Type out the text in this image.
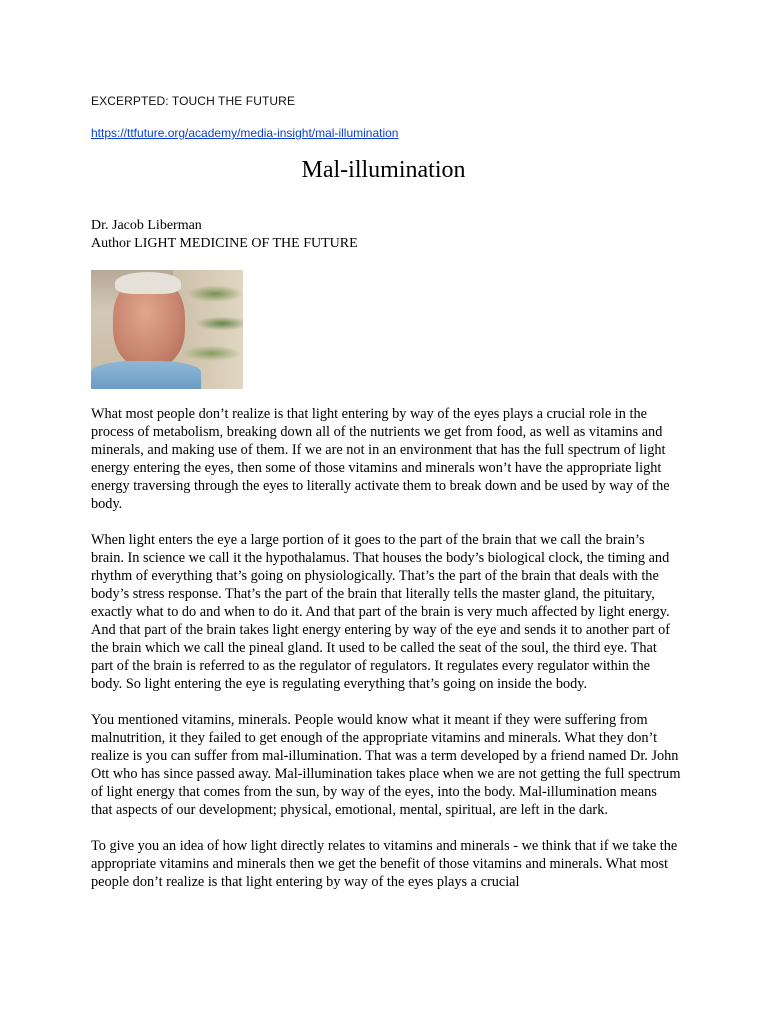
EXCERPTED: TOUCH THE FUTURE
https://ttfuture.org/academy/media-insight/mal-illumination
Mal-illumination
Dr. Jacob Liberman
Author LIGHT MEDICINE OF THE FUTURE

What most people don’t realize is that light entering by way of the eyes plays a crucial role in the process of metabolism, breaking down all of the nutrients we get from food, as well as vitamins and minerals, and making use of them. If we are not in an environment that has the full spectrum of light energy entering the eyes, then some of those vitamins and minerals won’t have the appropriate light energy traversing through the eyes to literally activate them to break down and be used by way of the body.

When light enters the eye a large portion of it goes to the part of the brain that we call the brain’s brain. In science we call it the hypothalamus. That houses the body’s biological clock, the timing and rhythm of everything that’s going on physiologically. That’s the part of the brain that deals with the body’s stress response. That’s the part of the brain that literally tells the master gland, the pituitary, exactly what to do and when to do it. And that part of the brain is very much affected by light energy. And that part of the brain takes light energy entering by way of the eye and sends it to another part of the brain which we call the pineal gland. It used to be called the seat of the soul, the third eye. That part of the brain is referred to as the regulator of regulators. It regulates every regulator within the body. So light entering the eye is regulating everything that’s going on inside the body.

You mentioned vitamins, minerals. People would know what it meant if they were suffering from malnutrition, it they failed to get enough of the appropriate vitamins and minerals. What they don’t realize is you can suffer from mal-illumination. That was a term developed by a friend named Dr. John Ott who has since passed away. Mal-illumination takes place when we are not getting the full spectrum of light energy that comes from the sun, by way of the eyes, into the body. Mal-illumination means that aspects of our development; physical, emotional, mental, spiritual, are left in the dark.

To give you an idea of how light directly relates to vitamins and minerals - we think that if we take the appropriate vitamins and minerals then we get the benefit of those vitamins and minerals. What most people don’t realize is that light entering by way of the eyes plays a crucial
